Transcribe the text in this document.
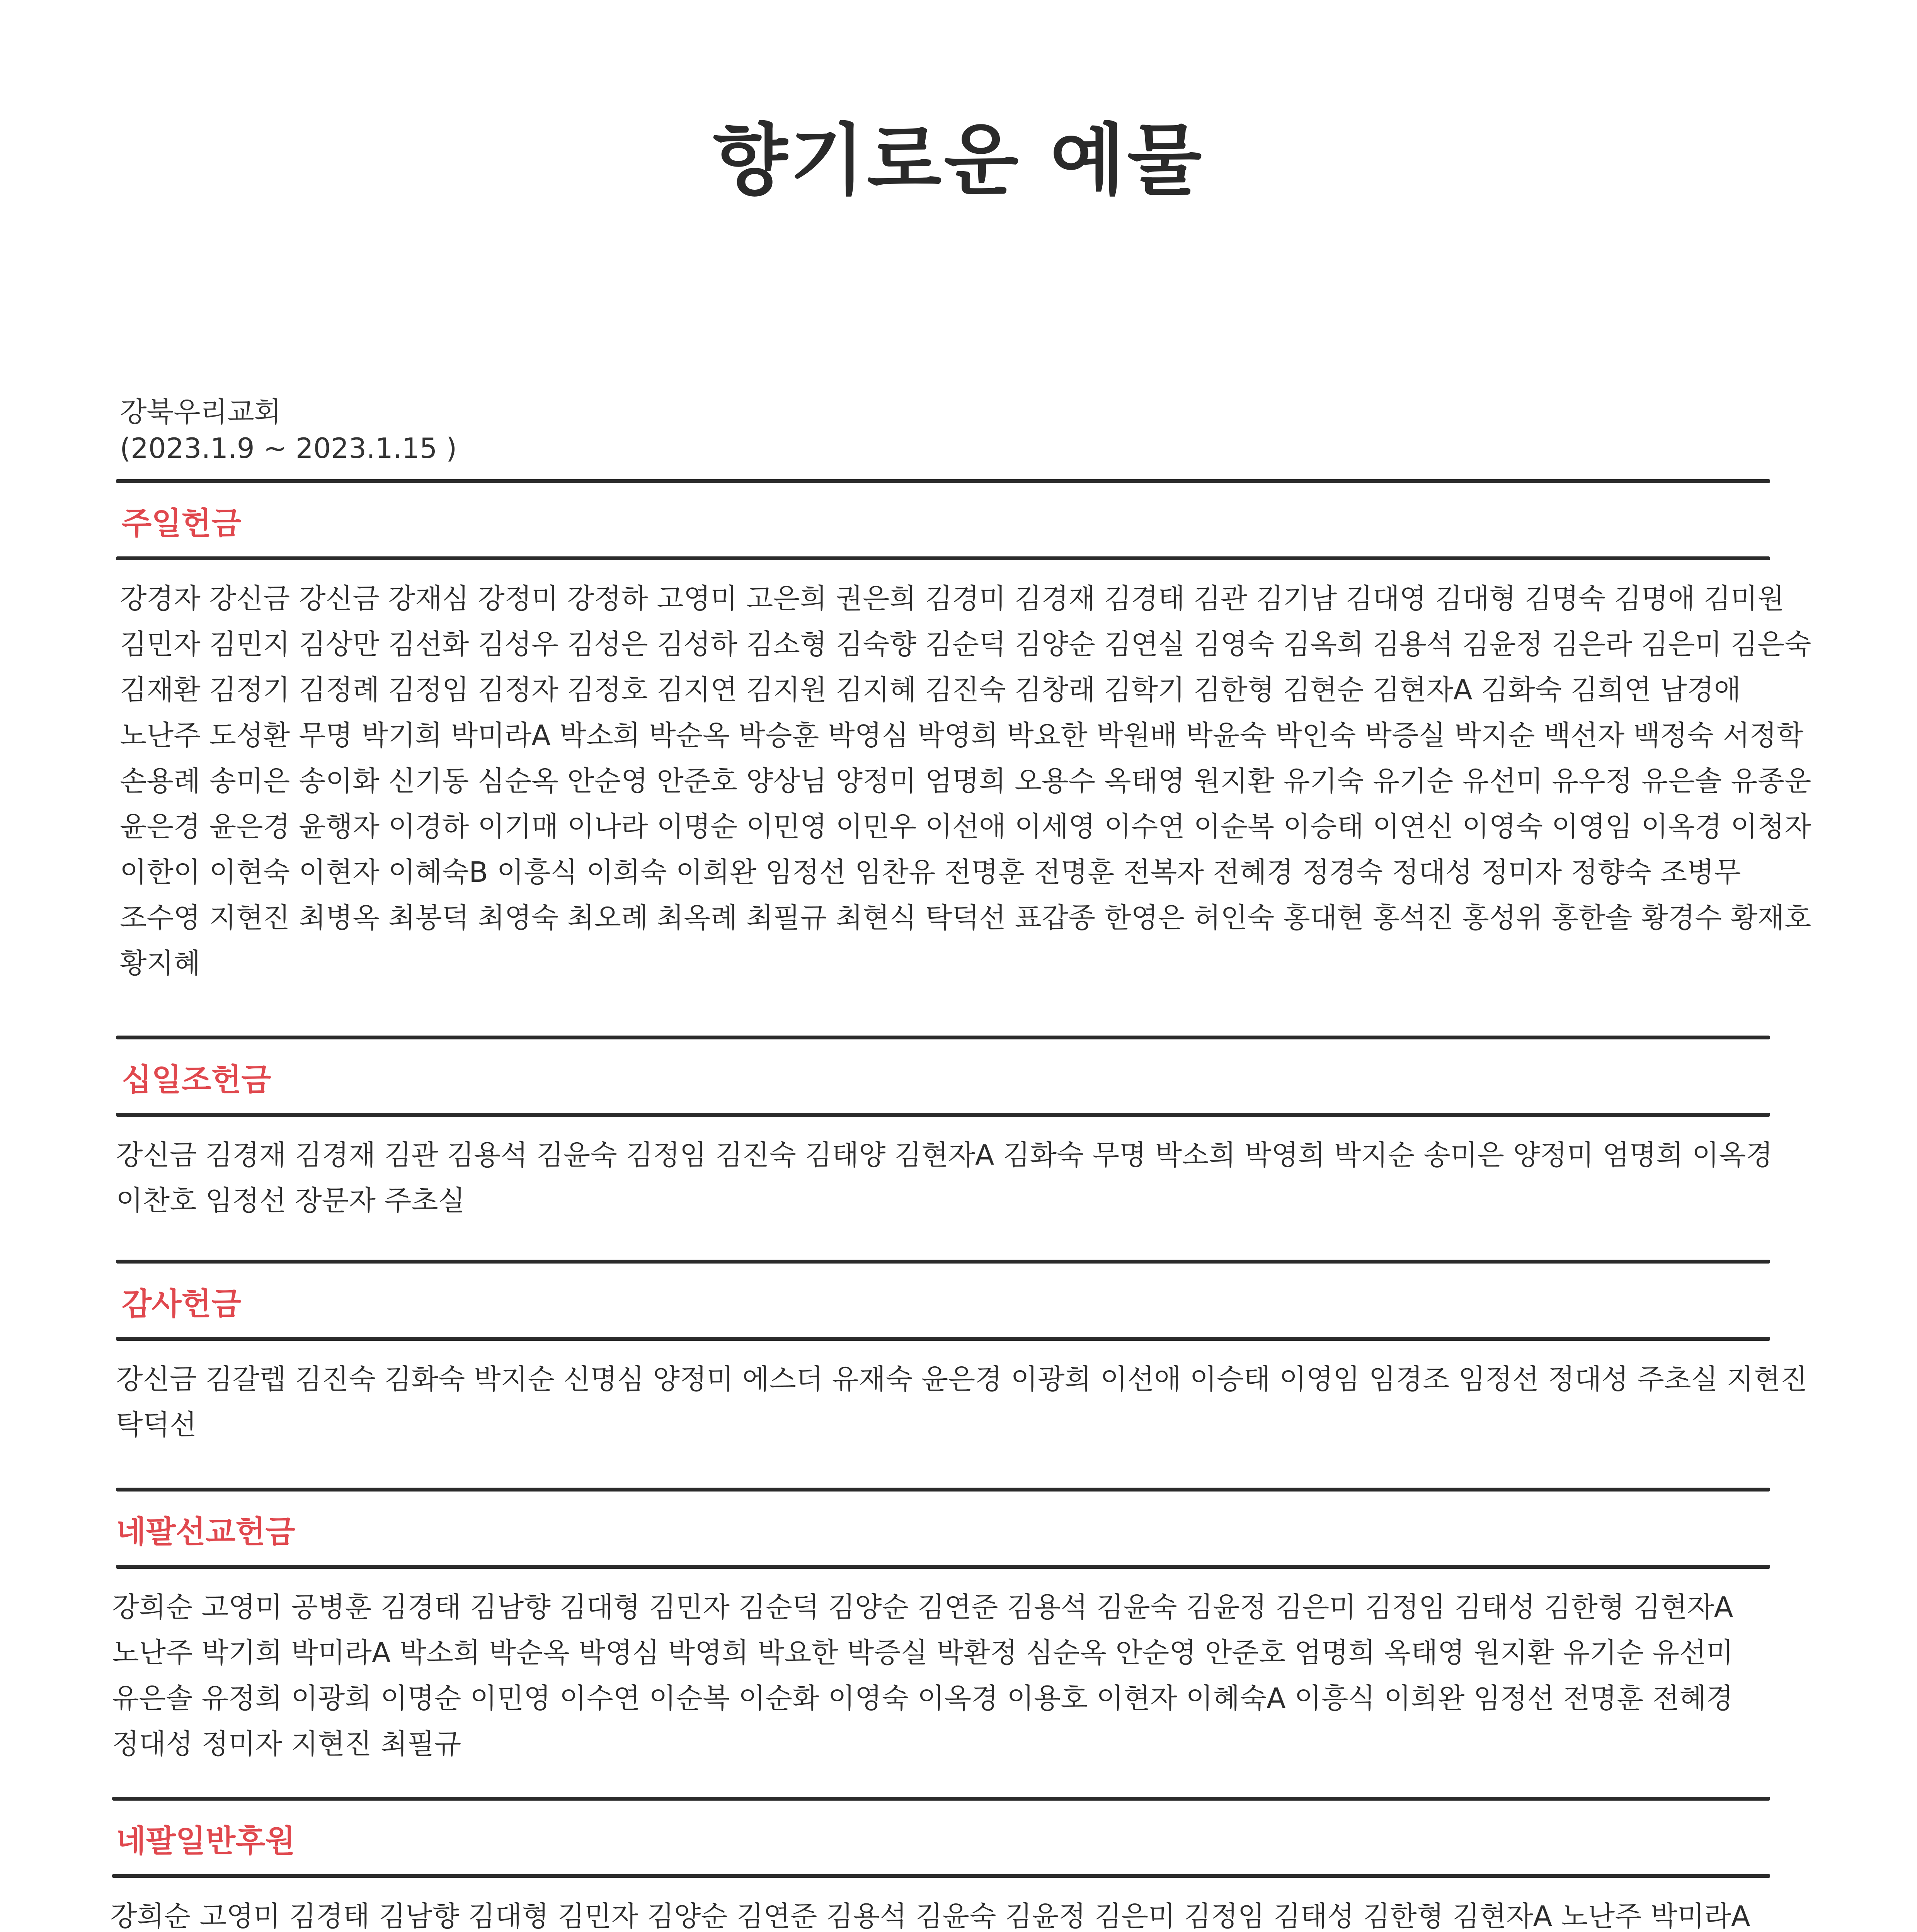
향기로운 예물
강북우리교회
(2023.1.9 ~ 2023.1.15 )
주일헌금
강경자 강신금 강신금 강재심 강정미 강정하 고영미 고은희 권은희 김경미 김경재 김경태 김관 김기남 김대영 김대형 김명숙 김명애 김미원 김민자 김민지 김상만 김선화 김성우 김성은 김성하 김소형 김숙향 김순덕 김양순 김연실 김영숙 김옥희 김용석 김윤정 김은라 김은미 김은숙 김재환 김정기 김정례 김정임 김정자 김정호 김지연 김지원 김지혜 김진숙 김창래 김학기 김한형 김현순 김현자A 김화숙 김희연 남경애 노난주 도성환 무명 박기희 박미라A 박소희 박순옥 박승훈 박영심 박영희 박요한 박원배 박윤숙 박인숙 박증실 박지순 백선자 백정숙 서정학 손용례 송미은 송이화 신기동 심순옥 안순영 안준호 양상님 양정미 엄명희 오용수 옥태영 원지환 유기숙 유기순 유선미 유우정 유은솔 유종운 윤은경 윤은경 윤행자 이경하 이기매 이나라 이명순 이민영 이민우 이선애 이세영 이수연 이순복 이승태 이연신 이영숙 이영임 이옥경 이청자 이한이 이현숙 이현자 이혜숙B 이흥식 이희숙 이희완 임정선 임찬유 전명훈 전명훈 전복자 전혜경 정경숙 정대성 정미자 정향숙 조병무 조수영 지현진 최병옥 최봉덕 최영숙 최오례 최옥례 최필규 최현식 탁덕선 표갑종 한영은 허인숙 홍대현 홍석진 홍성위 홍한솔 황경수 황재호 황지혜
십일조헌금
강신금 김경재 김경재 김관 김용석 김윤숙 김정임 김진숙 김태양 김현자A 김화숙 무명 박소희 박영희 박지순 송미은 양정미 엄명희 이옥경 이찬호 임정선 장문자 주초실
감사헌금
강신금 김갈렙 김진숙 김화숙 박지순 신명심 양정미 에스더 유재숙 윤은경 이광희 이선애 이승태 이영임 임경조 임정선 정대성 주초실 지현진 탁덕선
네팔선교헌금
강희순 고영미 공병훈 김경태 김남향 김대형 김민자 김순덕 김양순 김연준 김용석 김윤숙 김윤정 김은미 김정임 김태성 김한형 김현자A 노난주 박기희 박미라A 박소희 박순옥 박영심 박영희 박요한 박증실 박환정 심순옥 안순영 안준호 엄명희 옥태영 원지환 유기순 유선미 유은솔 유정희 이광희 이명순 이민영 이수연 이순복 이순화 이영숙 이옥경 이용호 이현자 이혜숙A 이흥식 이희완 임정선 전명훈 전혜경 정대성 정미자 지현진 최필규
네팔일반후원
강희순 고영미 김경태 김남향 김대형 김민자 김양순 김연준 김용석 김윤숙 김윤정 김은미 김정임 김태성 김한형 김현자A 노난주 박미라A
